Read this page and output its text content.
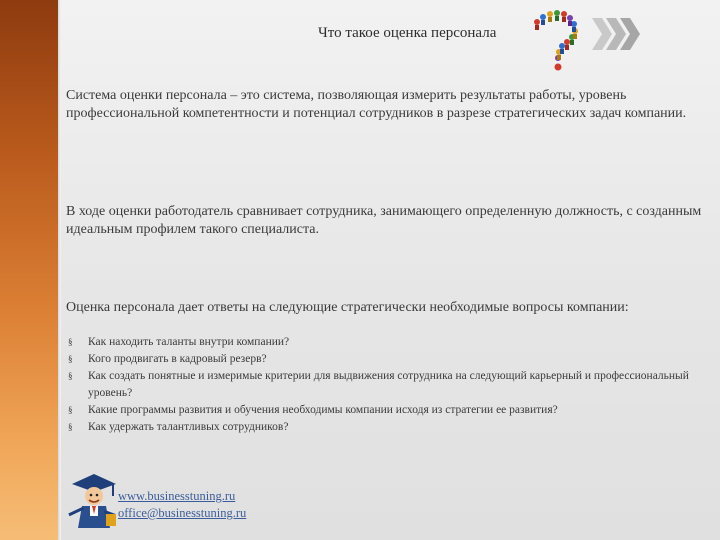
Что такое оценка персонала

Система оценки персонала – это система, позволяющая измерить результаты работы, уровень профессиональной компетентности и потенциал сотрудников в разрезе стратегических задач компании.

В ходе оценки работодатель сравнивает сотрудника, занимающего определенную должность, с созданным идеальным профилем такого специалиста.

Оценка персонала дает ответы на следующие стратегически необходимые вопросы компании:

§ Как находить таланты внутри компании?
§ Кого продвигать в кадровый резерв?
§ Как создать понятные и измеримые критерии для выдвижения сотрудника на следующий карьерный и профессиональный уровень?
§ Какие программы развития и обучения необходимы компании исходя из стратегии ее развития?
§ Как удержать талантливых сотрудников?
www.businesstuning.ru
office@businesstuning.ru
